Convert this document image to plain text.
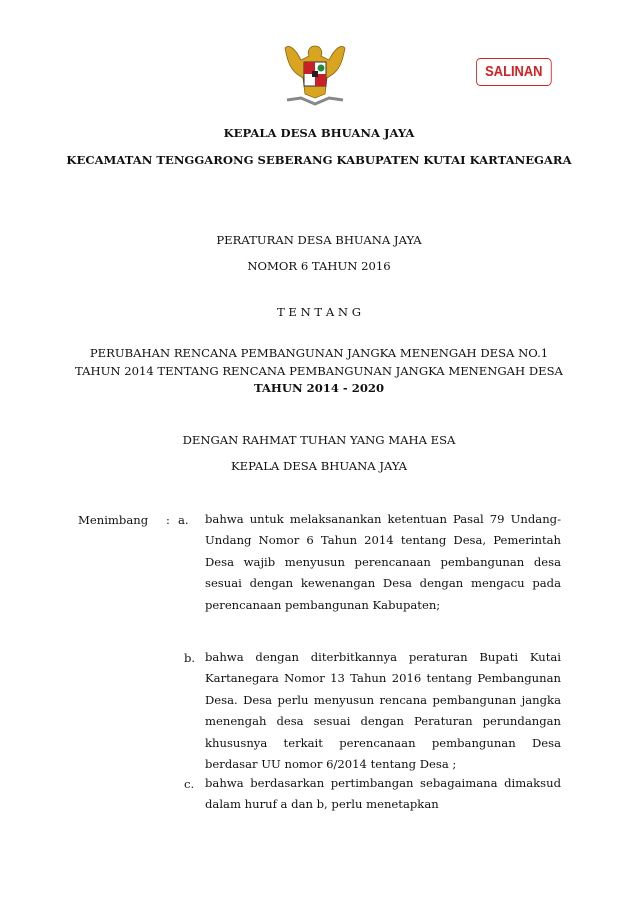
SALINAN
KEPALA DESA BHUANA JAYA
KECAMATAN TENGGARONG SEBERANG KABUPATEN KUTAI KARTANEGARA
PERATURAN DESA BHUANA JAYA
NOMOR 6 TAHUN 2016
T E N T A N G
PERUBAHAN RENCANA PEMBANGUNAN JANGKA MENENGAH DESA NO.1
TAHUN 2014 TENTANG RENCANA PEMBANGUNAN JANGKA MENENGAH DESA
TAHUN 2014 - 2020
DENGAN RAHMAT TUHAN YANG MAHA ESA
KEPALA DESA BHUANA JAYA
Menimbang : a. bahwa untuk melaksanankan ketentuan Pasal 79 Undang-
Undang Nomor 6 Tahun 2014 tentang Desa, Pemerintah
Desa wajib menyusun perencanaan pembangunan desa
sesuai dengan kewenangan Desa dengan mengacu pada
perencanaan pembangunan Kabupaten;
b. bahwa dengan diterbitkannya peraturan Bupati Kutai
Kartanegara Nomor 13 Tahun 2016 tentang Pembangunan
Desa. Desa perlu menyusun rencana pembangunan jangka
menengah desa sesuai dengan Peraturan perundangan
khususnya terkait perencanaan pembangunan Desa
berdasar UU nomor 6/2014 tentang Desa ;
c. bahwa berdasarkan pertimbangan sebagaimana dimaksud
dalam huruf a dan b, perlu menetapkan
